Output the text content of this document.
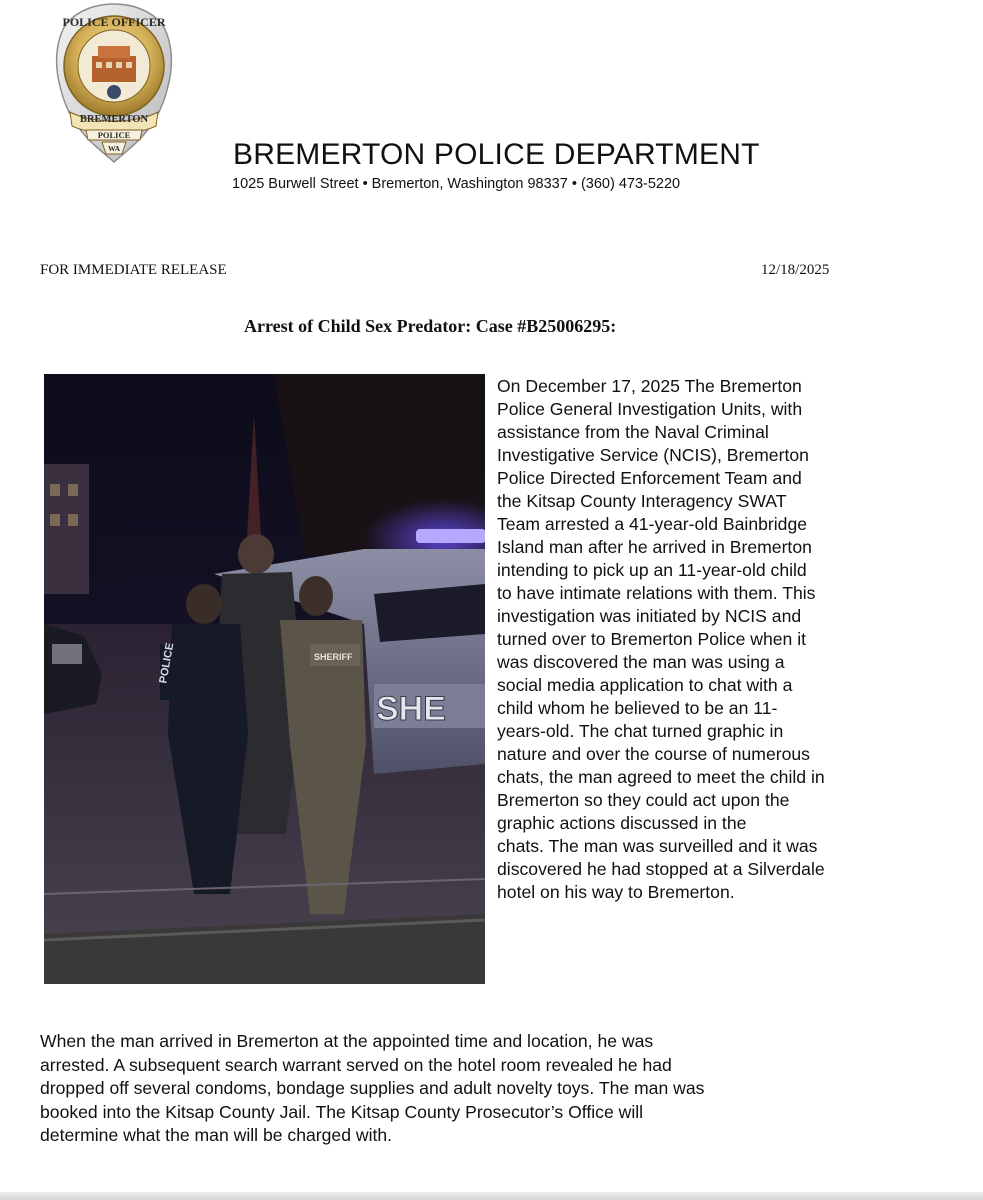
POLICE OFFICER
BREMERTON
POLICE
WA	BREMERTON POLICE DEPARTMENT
1025 Burwell Street • Bremerton, Washington 98337 • (360) 473-5220
FOR IMMEDIATE RELEASE	12/18/2025
Arrest of Child Sex Predator: Case #B25006295:
SHE
POLICE	SHERIFF

On December 17, 2025 The Bremerton
Police General Investigation Units, with
assistance from the Naval Criminal
Investigative Service (NCIS), Bremerton
Police Directed Enforcement Team and
the Kitsap County Interagency SWAT
Team arrested a 41-year-old Bainbridge
Island man after he arrived in Bremerton
intending to pick up an 11-year-old child
to have intimate relations with them. This
investigation was initiated by NCIS and
turned over to Bremerton Police when it
was discovered the man was using a
social media application to chat with a
child whom he believed to be an 11-
years-old. The chat turned graphic in
nature and over the course of numerous
chats, the man agreed to meet the child in
Bremerton so they could act upon the
graphic actions discussed in the
chats. The man was surveilled and it was
discovered he had stopped at a Silverdale
hotel on his way to Bremerton.

When the man arrived in Bremerton at the appointed time and location, he was
arrested. A subsequent search warrant served on the hotel room revealed he had
dropped off several condoms, bondage supplies and adult novelty toys. The man was
booked into the Kitsap County Jail. The Kitsap County Prosecutor’s Office will
determine what the man will be charged with.
